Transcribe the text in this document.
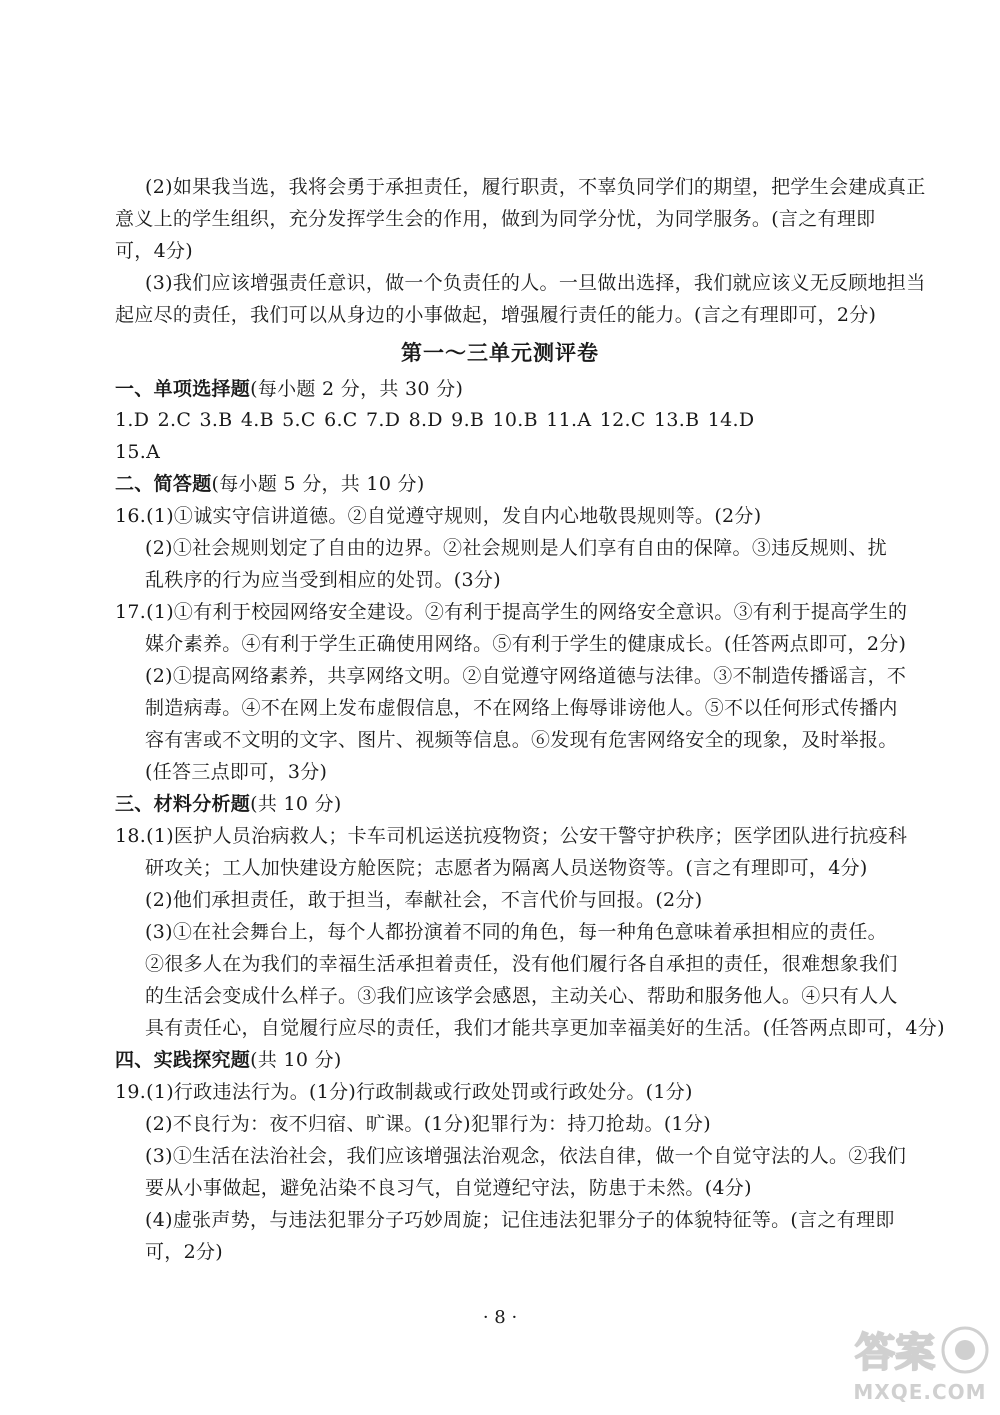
(2)如果我当选，我将会勇于承担责任，履行职责，不辜负同学们的期望，把学生会建成真正
意义上的学生组织，充分发挥学生会的作用，做到为同学分忧，为同学服务。(言之有理即
可，4分)
(3)我们应该增强责任意识，做一个负责任的人。一旦做出选择，我们就应该义无反顾地担当
起应尽的责任，我们可以从身边的小事做起，增强履行责任的能力。(言之有理即可，2分)
第一～三单元测评卷
一、单项选择题(每小题 2 分，共 30 分)
1.D 2.C 3.B 4.B 5.C 6.C 7.D 8.D 9.B 10.B 11.A 12.C 13.B 14.D
15.A
二、简答题(每小题 5 分，共 10 分)
16.(1)①诚实守信讲道德。②自觉遵守规则，发自内心地敬畏规则等。(2分)
(2)①社会规则划定了自由的边界。②社会规则是人们享有自由的保障。③违反规则、扰
乱秩序的行为应当受到相应的处罚。(3分)
17.(1)①有利于校园网络安全建设。②有利于提高学生的网络安全意识。③有利于提高学生的
媒介素养。④有利于学生正确使用网络。⑤有利于学生的健康成长。(任答两点即可，2分)
(2)①提高网络素养，共享网络文明。②自觉遵守网络道德与法律。③不制造传播谣言，不
制造病毒。④不在网上发布虚假信息，不在网络上侮辱诽谤他人。⑤不以任何形式传播内
容有害或不文明的文字、图片、视频等信息。⑥发现有危害网络安全的现象，及时举报。
(任答三点即可，3分)
三、材料分析题(共 10 分)
18.(1)医护人员治病救人；卡车司机运送抗疫物资；公安干警守护秩序；医学团队进行抗疫科
研攻关；工人加快建设方舱医院；志愿者为隔离人员送物资等。(言之有理即可，4分)
(2)他们承担责任，敢于担当，奉献社会，不言代价与回报。(2分)
(3)①在社会舞台上，每个人都扮演着不同的角色，每一种角色意味着承担相应的责任。
②很多人在为我们的幸福生活承担着责任，没有他们履行各自承担的责任，很难想象我们
的生活会变成什么样子。③我们应该学会感恩，主动关心、帮助和服务他人。④只有人人
具有责任心，自觉履行应尽的责任，我们才能共享更加幸福美好的生活。(任答两点即可，4分)
四、实践探究题(共 10 分)
19.(1)行政违法行为。(1分)行政制裁或行政处罚或行政处分。(1分)
(2)不良行为：夜不归宿、旷课。(1分)犯罪行为：持刀抢劫。(1分)
(3)①生活在法治社会，我们应该增强法治观念，依法自律，做一个自觉守法的人。②我们
要从小事做起，避免沾染不良习气，自觉遵纪守法，防患于未然。(4分)
(4)虚张声势，与违法犯罪分子巧妙周旋；记住违法犯罪分子的体貌特征等。(言之有理即
可，2分)
· 8 ·
答案
MXQE.COM
